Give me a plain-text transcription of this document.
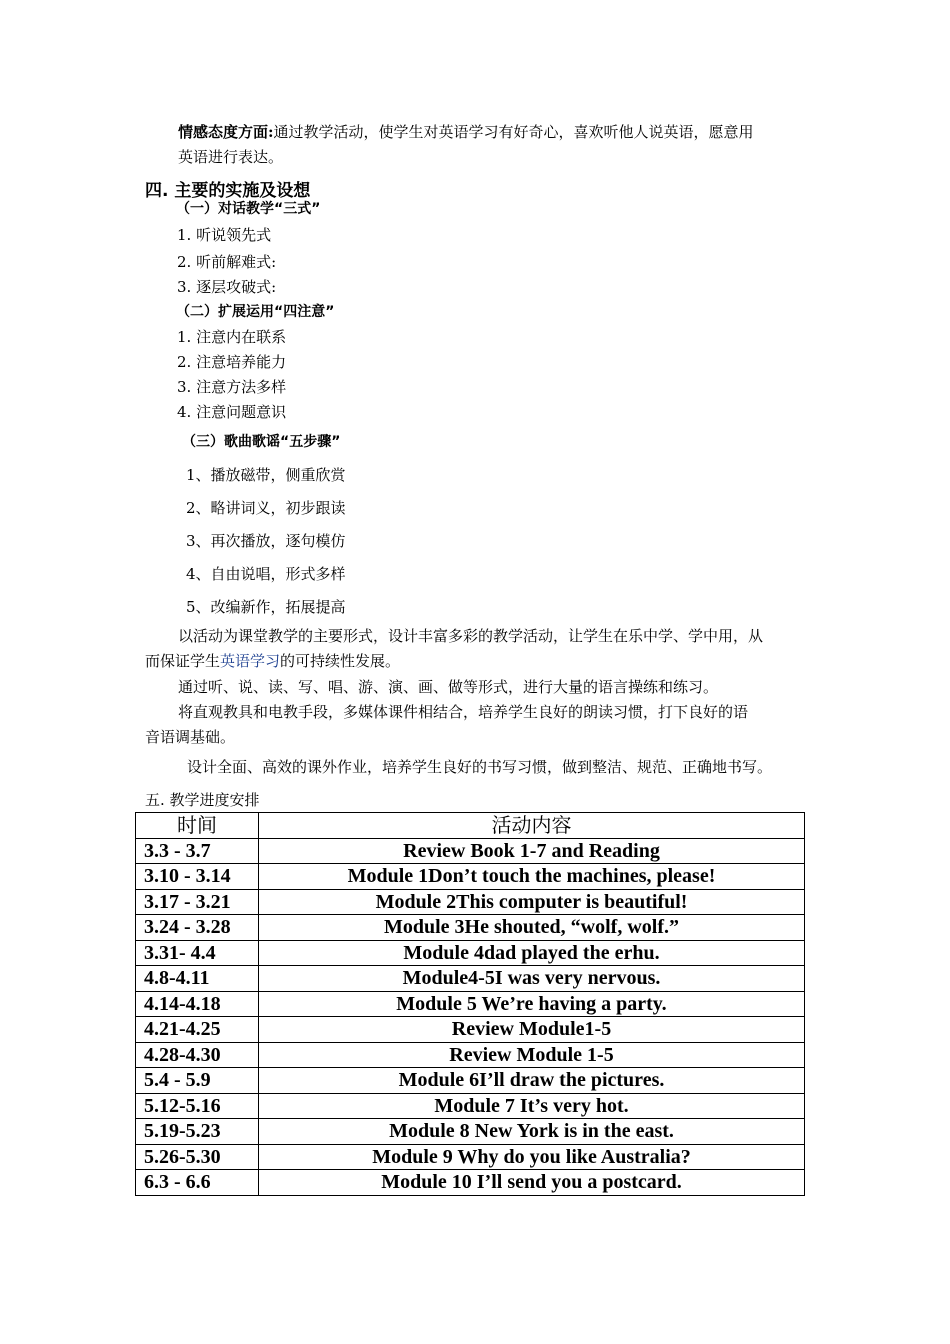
情感态度方面:通过教学活动，使学生对英语学习有好奇心，喜欢听他人说英语，愿意用
英语进行表达。
四. 主要的实施及设想
（一）对话教学“三式”
1. 听说领先式
2. 听前解难式:
3. 逐层攻破式:
（二）扩展运用“四注意”
1. 注意内在联系
2. 注意培养能力
3. 注意方法多样
4. 注意问题意识
（三）歌曲歌谣“五步骤”
1、播放磁带，侧重欣赏
2、略讲词义，初步跟读
3、再次播放，逐句模仿
4、自由说唱，形式多样
5、改编新作，拓展提高
以活动为课堂教学的主要形式，设计丰富多彩的教学活动，让学生在乐中学、学中用，从
而保证学生英语学习的可持续性发展。
通过听、说、读、写、唱、游、演、画、做等形式，进行大量的语言操练和练习。
将直观教具和电教手段，多媒体课件相结合，培养学生良好的朗读习惯，打下良好的语
音语调基础。
设计全面、高效的课外作业，培养学生良好的书写习惯，做到整洁、规范、正确地书写。
五. 教学进度安排
时间	活动内容
3.3 - 3.7	Review Book 1-7 and Reading
3.10 - 3.14	Module 1Don’t touch the machines, please!
3.17 - 3.21	Module 2This computer is beautiful!
3.24 - 3.28	Module 3He shouted, “wolf, wolf.”
3.31- 4.4	Module 4dad played the erhu.
4.8-4.11	Module4-5I was very nervous.
4.14-4.18	Module 5 We’re having a party.
4.21-4.25	Review Module1-5
4.28-4.30	Review Module 1-5
5.4 - 5.9	Module 6I’ll draw the pictures.
5.12-5.16	Module 7 It’s very hot.
5.19-5.23	Module 8 New York is in the east.
5.26-5.30	Module 9 Why do you like Australia?
6.3 - 6.6	Module 10 I’ll send you a postcard.
